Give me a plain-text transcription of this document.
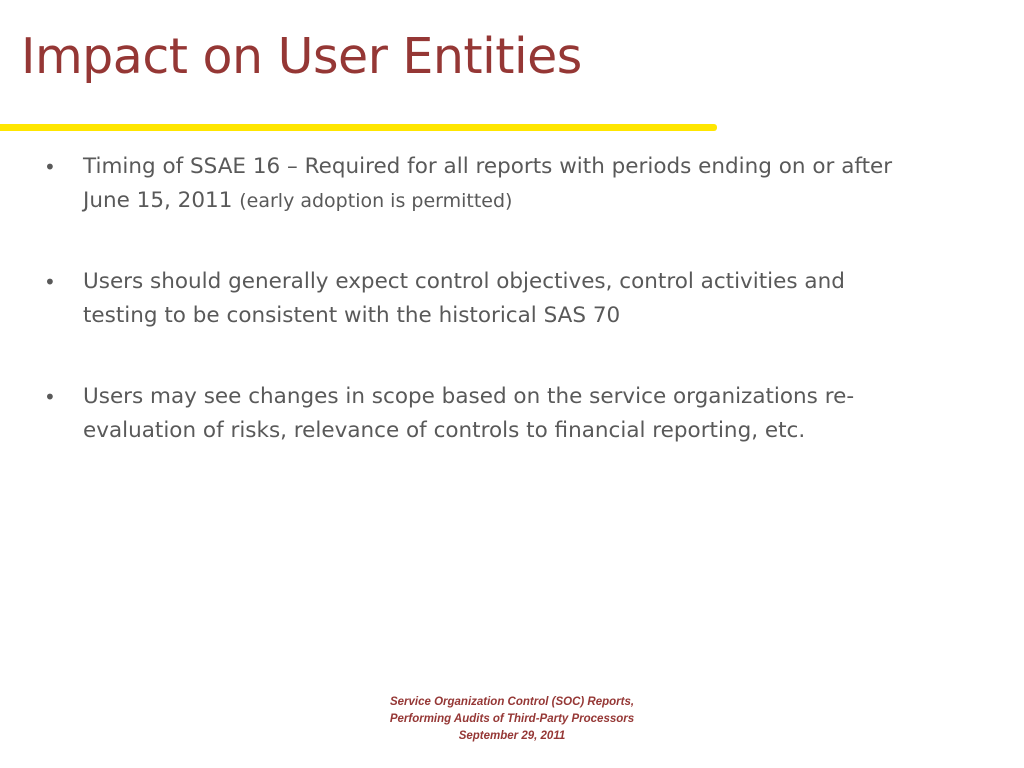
Impact on User Entities
• Timing of SSAE 16 – Required for all reports with periods ending on or after June 15, 2011 (early adoption is permitted)
• Users should generally expect control objectives, control activities and testing to be consistent with the historical SAS 70
• Users may see changes in scope based on the service organizations re-evaluation of risks, relevance of controls to financial reporting, etc.
Service Organization Control (SOC) Reports,
Performing Audits of Third-Party Processors
September 29, 2011
